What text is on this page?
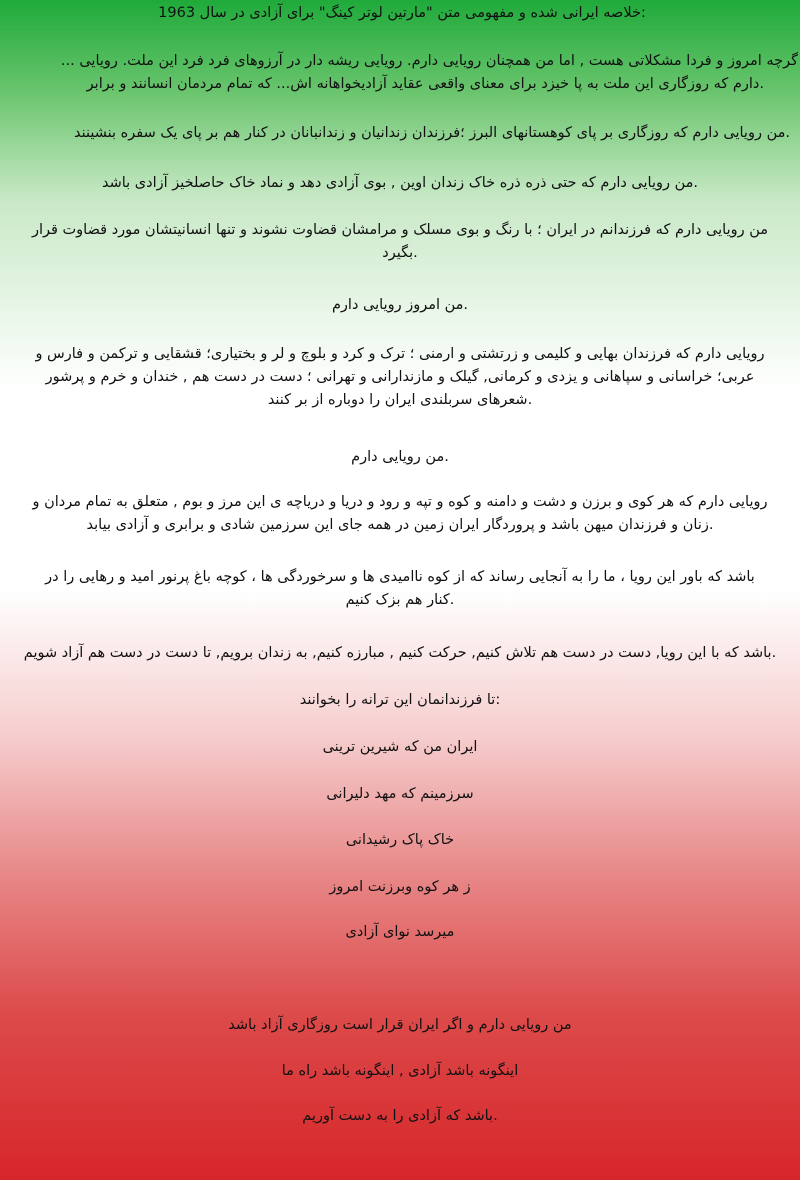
:خلاصه ایرانی شده و مفهومی متن "مارتین لوتر کینگ" برای آزادی در سال 1963
گرچه امروز و فردا مشکلاتی هست , اما من همچنان رویایی دارم. رویایی ریشه دار در آرزوهای فرد فرد این ملت. رویایی ...
.دارم که روزگاری این ملت به پا خیزد برای معنای واقعی عقاید آزادیخواهانه اش... که تمام مردمان انسانند و برابر
.من رویایی دارم که روزگاری بر پای کوهستانهای البرز ؛فرزندان زندانیان و زندانبانان در کنار هم بر پای یک سفره بنشینند
.من رویایی دارم که حتی ذره ذره خاک زندان اوین , بوی آزادی دهد و نماد خاک حاصلخیز آزادی باشد
من رویایی دارم که فرزندانم در ایران ؛ با رنگ و بوی مسلک و مرامشان قضاوت نشوند و تنها انسانیتشان مورد قضاوت قرار
.بگیرد
.من امروز رویایی دارم
رویایی دارم که فرزندان بهایی و کلیمی و زرتشتی و ارمنی ؛ ترک و کرد و بلوچ و لر و بختیاری؛ قشقایی و ترکمن و فارس و
عربی؛ خراسانی و سپاهانی و یزدی و کرمانی, گیلک و مازندارانی و تهرانی ؛ دست در دست هم , خندان و خرم و پرشور
.شعرهای سربلندی ایران را دوباره از بر کنند
.من رویایی دارم
رویایی دارم که هر کوی و برزن و دشت و دامنه و کوه و تپه و رود و دریا و دریاچه ی این مرز و بوم , متعلق به تمام مردان و
.زنان و فرزندان میهن باشد و پروردگار ایران زمین در همه جای این سرزمین شادی و برابری و آزادی بیابد
باشد که باور این رویا ، ما را به آنجایی رساند که از کوه ناامیدی ها و سرخوردگی ها ، کوچه باغ پرنور امید و رهایی را در
.کنار هم بزک کنیم
.باشد که با این رویا, دست در دست هم تلاش کنیم, حرکت کنیم , مبارزه کنیم, به زندان برویم, تا دست در دست هم آزاد شویم
:تا فرزندانمان این ترانه را بخوانند
ایران من که شیرین ترینی
سرزمینم که مهد دلیرانی
خاک پاک رشیدانی
ز هر کوه وبرزنت امروز
میرسد نوای آزادی
من رویایی دارم و اگر ایران قرار است روزگاری آزاد باشد
اینگونه باشد آزادی , اینگونه باشد راه ما
.باشد که آزادی را به دست آوریم
